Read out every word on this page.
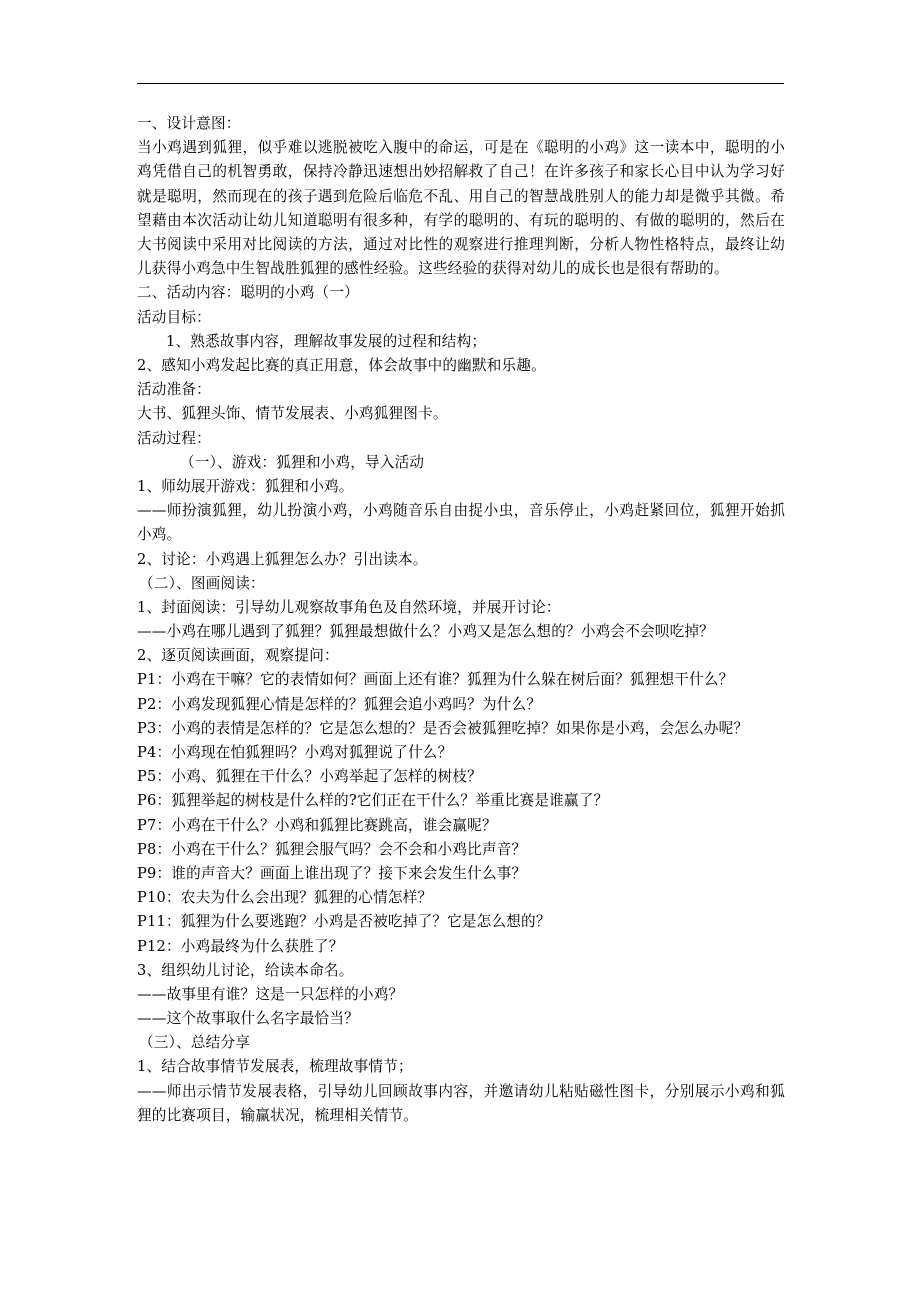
一、设计意图：
当小鸡遇到狐狸，似乎难以逃脱被吃入腹中的命运，可是在《聪明的小鸡》这一读本中，聪明的小鸡凭借自己的机智勇敢，保持冷静迅速想出妙招解救了自己！在许多孩子和家长心目中认为学习好就是聪明，然而现在的孩子遇到危险后临危不乱、用自己的智慧战胜别人的能力却是微乎其微。希望藉由本次活动让幼儿知道聪明有很多种，有学的聪明的、有玩的聪明的、有做的聪明的，然后在大书阅读中采用对比阅读的方法，通过对比性的观察进行推理判断，分析人物性格特点，最终让幼儿获得小鸡急中生智战胜狐狸的感性经验。这些经验的获得对幼儿的成长也是很有帮助的。
二、活动内容：聪明的小鸡（一）
活动目标：
1、熟悉故事内容，理解故事发展的过程和结构；
2、感知小鸡发起比赛的真正用意，体会故事中的幽默和乐趣。
活动准备：
大书、狐狸头饰、情节发展表、小鸡狐狸图卡。
活动过程：
（一）、游戏：狐狸和小鸡，导入活动
1、师幼展开游戏：狐狸和小鸡。
——师扮演狐狸，幼儿扮演小鸡，小鸡随音乐自由捉小虫，音乐停止，小鸡赶紧回位，狐狸开始抓小鸡。
2、讨论：小鸡遇上狐狸怎么办？引出读本。
（二）、图画阅读：
1、封面阅读：引导幼儿观察故事角色及自然环境，并展开讨论：
——小鸡在哪儿遇到了狐狸？狐狸最想做什么？小鸡又是怎么想的？小鸡会不会呗吃掉？
2、逐页阅读画面，观察提问：
P1：小鸡在干嘛？它的表情如何？画面上还有谁？狐狸为什么躲在树后面？狐狸想干什么？
P2：小鸡发现狐狸心情是怎样的？狐狸会追小鸡吗？为什么？
P3：小鸡的表情是怎样的？它是怎么想的？是否会被狐狸吃掉？如果你是小鸡，会怎么办呢？
P4：小鸡现在怕狐狸吗？小鸡对狐狸说了什么？
P5：小鸡、狐狸在干什么？小鸡举起了怎样的树枝？
P6：狐狸举起的树枝是什么样的?它们正在干什么？举重比赛是谁赢了？
P7：小鸡在干什么？小鸡和狐狸比赛跳高，谁会赢呢？
P8：小鸡在干什么？狐狸会服气吗？会不会和小鸡比声音？
P9：谁的声音大？画面上谁出现了？接下来会发生什么事？
P10：农夫为什么会出现？狐狸的心情怎样？
P11：狐狸为什么要逃跑？小鸡是否被吃掉了？它是怎么想的？
P12：小鸡最终为什么获胜了？
3、组织幼儿讨论，给读本命名。
——故事里有谁？这是一只怎样的小鸡？
——这个故事取什么名字最恰当？
（三）、总结分享
1、结合故事情节发展表，梳理故事情节；
——师出示情节发展表格，引导幼儿回顾故事内容，并邀请幼儿粘贴磁性图卡，分别展示小鸡和狐狸的比赛项目，输赢状况，梳理相关情节。
